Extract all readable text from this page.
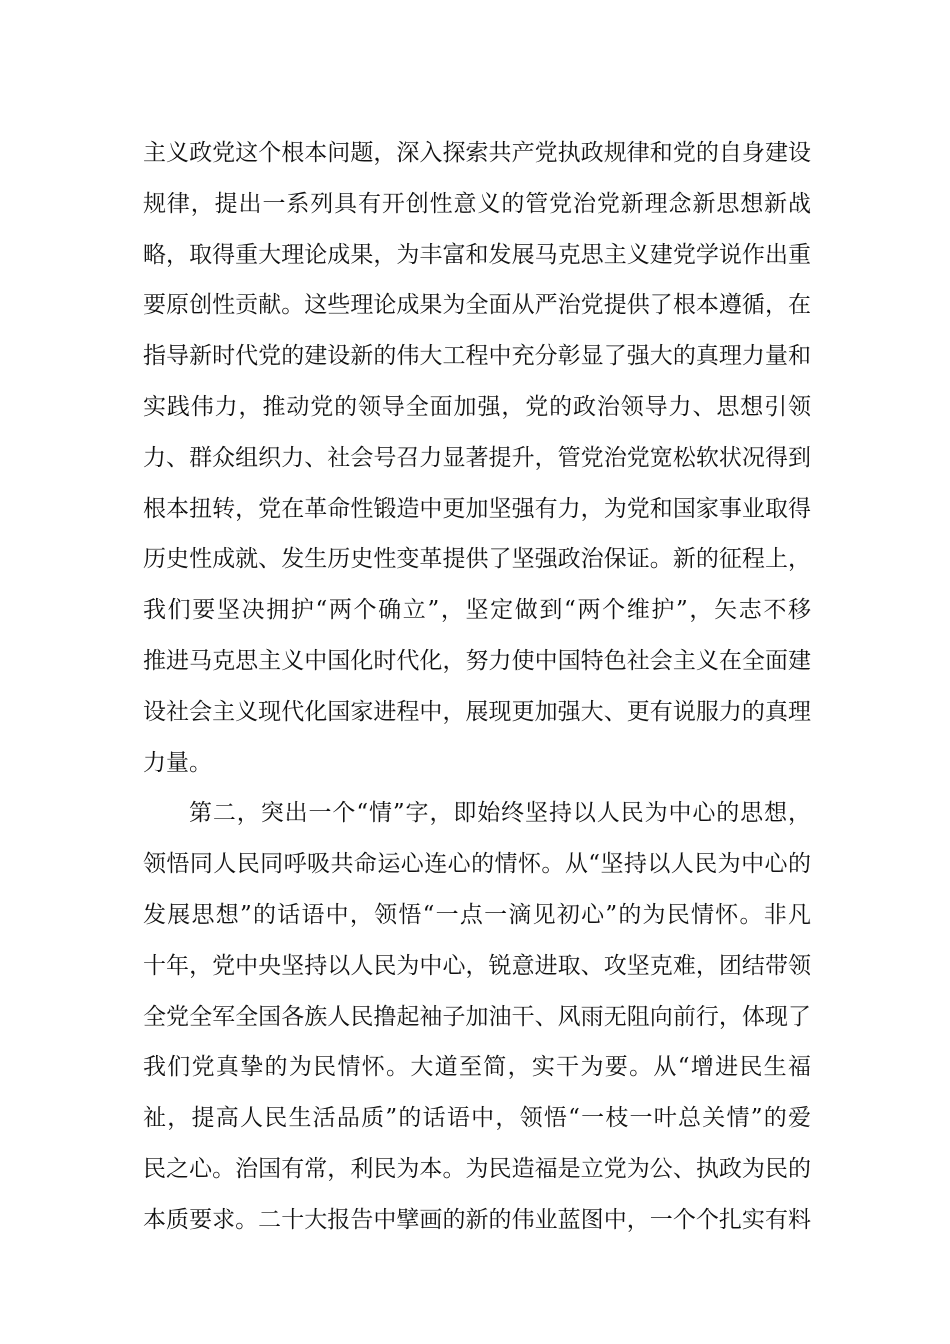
主义政党这个根本问题，深入探索共产党执政规律和党的自身建设
规律，提出一系列具有开创性意义的管党治党新理念新思想新战
略，取得重大理论成果，为丰富和发展马克思主义建党学说作出重
要原创性贡献。这些理论成果为全面从严治党提供了根本遵循，在
指导新时代党的建设新的伟大工程中充分彰显了强大的真理力量和
实践伟力，推动党的领导全面加强，党的政治领导力、思想引领
力、群众组织力、社会号召力显著提升，管党治党宽松软状况得到
根本扭转，党在革命性锻造中更加坚强有力，为党和国家事业取得
历史性成就、发生历史性变革提供了坚强政治保证。新的征程上，
我们要坚决拥护“两个确立”，坚定做到“两个维护”，矢志不移
推进马克思主义中国化时代化，努力使中国特色社会主义在全面建
设社会主义现代化国家进程中，展现更加强大、更有说服力的真理
力量。
第二，突出一个“情”字，即始终坚持以人民为中心的思想，
领悟同人民同呼吸共命运心连心的情怀。从“坚持以人民为中心的
发展思想”的话语中，领悟“一点一滴见初心”的为民情怀。非凡
十年，党中央坚持以人民为中心，锐意进取、攻坚克难，团结带领
全党全军全国各族人民撸起袖子加油干、风雨无阻向前行，体现了
我们党真挚的为民情怀。大道至简，实干为要。从“增进民生福
祉，提高人民生活品质”的话语中，领悟“一枝一叶总关情”的爱
民之心。治国有常，利民为本。为民造福是立党为公、执政为民的
本质要求。二十大报告中擘画的新的伟业蓝图中，一个个扎实有料
